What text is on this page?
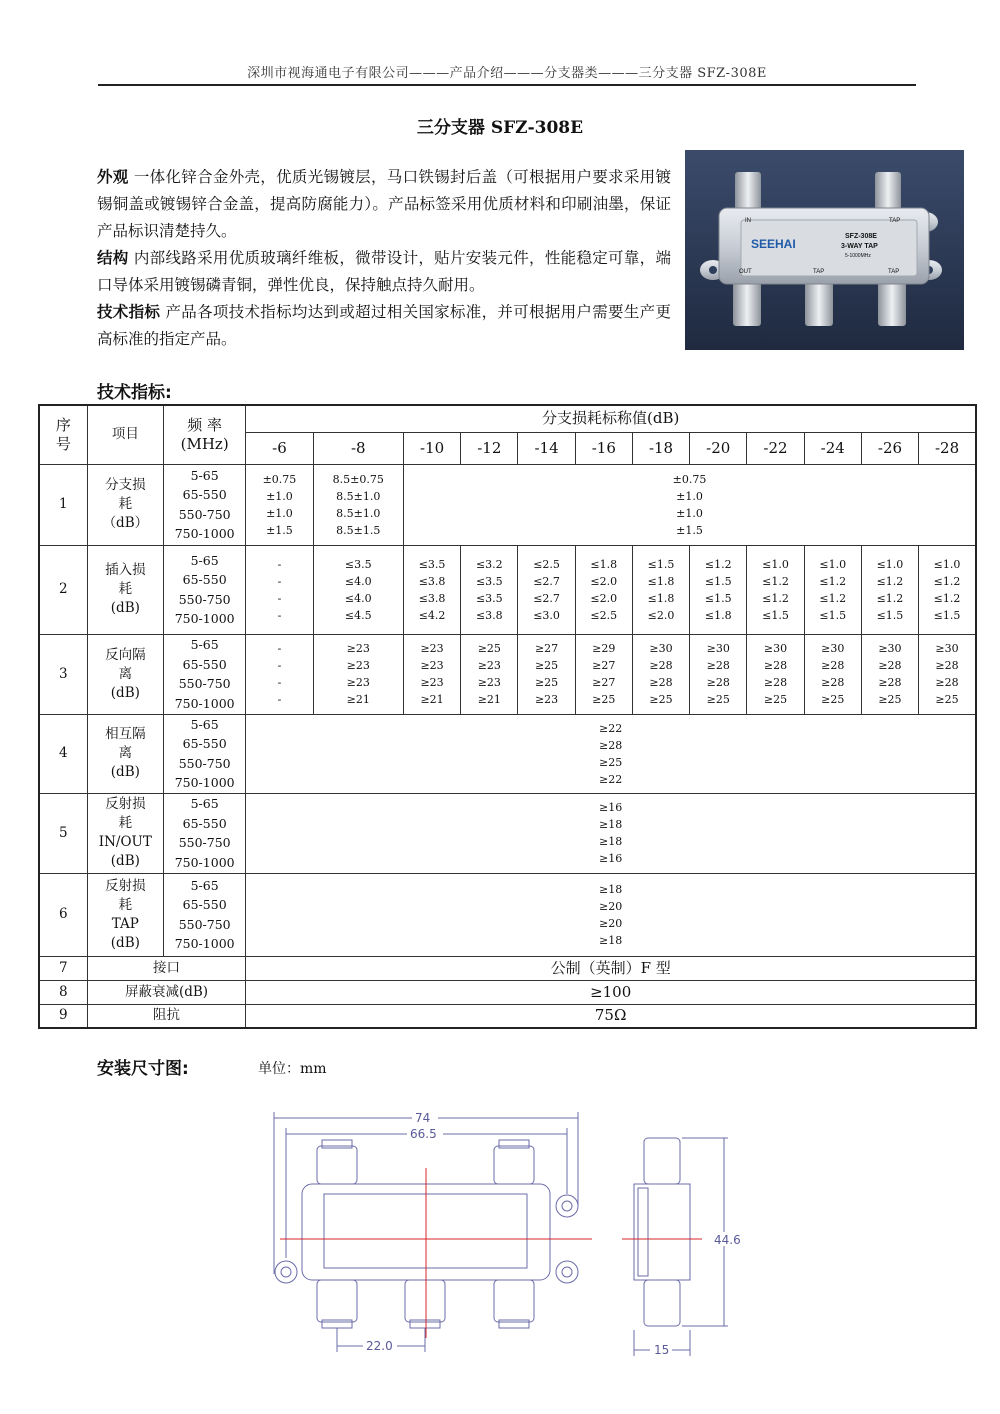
深圳市视海通电子有限公司———产品介绍———分支器类———三分支器 SFZ-308E
三分支器 SFZ-308E

外观 一体化锌合金外壳，优质光锡镀层，马口铁锡封后盖（可根据用户要求采用镀锡铜盖或镀锡锌合金盖，提高防腐能力）。产品标签采用优质材料和印刷油墨，保证产品标识清楚持久。

结构 内部线路采用优质玻璃纤维板，微带设计，贴片安装元件，性能稳定可靠，端口导体采用镀锡磷青铜，弹性优良，保持触点持久耐用。

技术指标 产品各项技术指标均达到或超过相关国家标准，并可根据用户需要生产更高标准的指定产品。

SEEHAI
SFZ-308E
3-WAY TAP
5-1000MHz
IN	TAP
OUT	TAP	TAP
技术指标:
序
号	项目	频 率
(MHz)	分支损耗标称值(dB)											
			-6	-8	-10	-12	-14	-16	-18	-20	-22	-24	-26	-28
1	分支损
耗
（dB）	5-65
65-550
550-750
750-1000	±0.75
±1.0
±1.0
±1.5	8.5±0.75
8.5±1.0
8.5±1.0
8.5±1.5	±0.75
±1.0
±1.0
±1.5									
2	插入损
耗
(dB)	5-65
65-550
550-750
750-1000	-
-
-
-	≤3.5
≤4.0
≤4.0
≤4.5	≤3.5
≤3.8
≤3.8
≤4.2	≤3.2
≤3.5
≤3.5
≤3.8	≤2.5
≤2.7
≤2.7
≤3.0	≤1.8
≤2.0
≤2.0
≤2.5	≤1.5
≤1.8
≤1.8
≤2.0	≤1.2
≤1.5
≤1.5
≤1.8	≤1.0
≤1.2
≤1.2
≤1.5	≤1.0
≤1.2
≤1.2
≤1.5	≤1.0
≤1.2
≤1.2
≤1.5	≤1.0
≤1.2
≤1.2
≤1.5
3	反向隔
离
(dB)	5-65
65-550
550-750
750-1000	-
-
-
-	≥23
≥23
≥23
≥21	≥23
≥23
≥23
≥21	≥25
≥23
≥23
≥21	≥27
≥25
≥25
≥23	≥29
≥27
≥27
≥25	≥30
≥28
≥28
≥25	≥30
≥28
≥28
≥25	≥30
≥28
≥28
≥25	≥30
≥28
≥28
≥25	≥30
≥28
≥28
≥25	≥30
≥28
≥28
≥25
4	相互隔
离
(dB)	5-65
65-550
550-750
750-1000	≥22
≥28
≥25
≥22											
5	反射损
耗
IN/OUT
(dB)	5-65
65-550
550-750
750-1000	≥16
≥18
≥18
≥16											
6	反射损
耗
TAP
(dB)	5-65
65-550
550-750
750-1000	≥18
≥20
≥20
≥18											
7	接口		公制（英制）F 型											
8	屏蔽衰减(dB)		≥100											
9	阻抗		75Ω											
安装尺寸图:	单位：mm
74
66.5
44.6
22.0	15
